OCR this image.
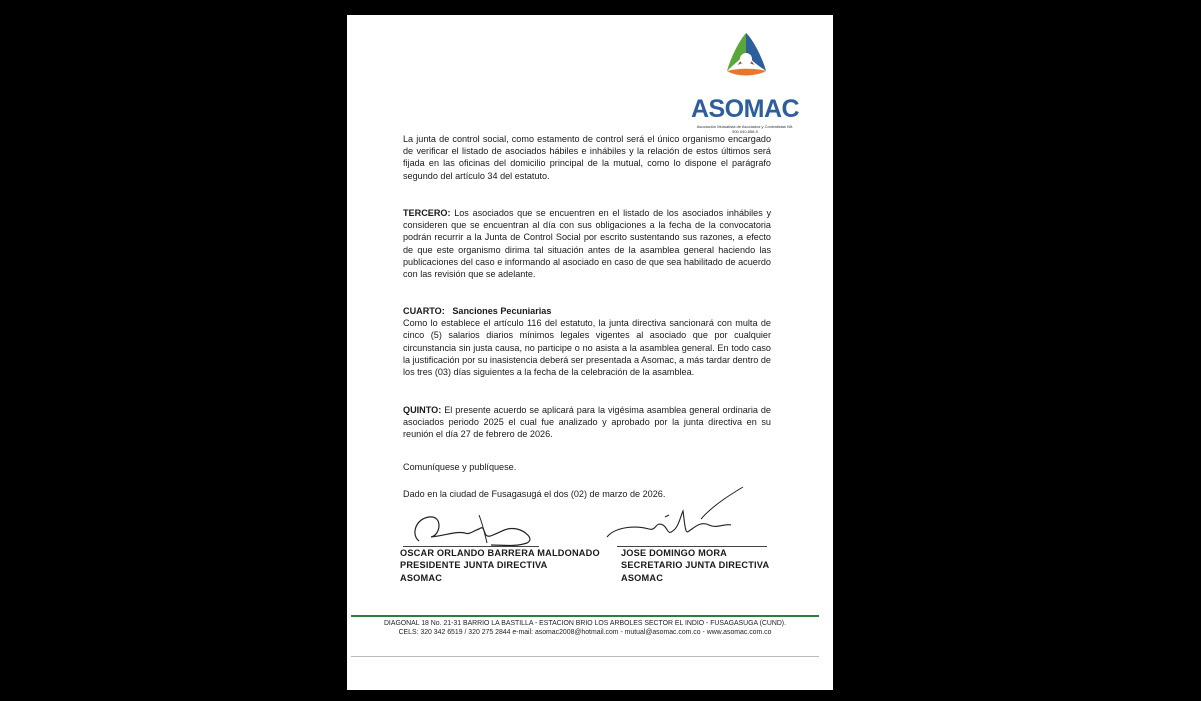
ASOMAC
Asociación Mutualista de Asociados y Contratistas NIt. 900.040.858-9
La junta de control social, como estamento de control será el único organismo encargado de verificar el listado de asociados hábiles e inhábiles y la relación de estos últimos será fijada en las oficinas del domicilio principal de la mutual, como lo dispone el parágrafo segundo del artículo 34 del estatuto.
TERCERO: Los asociados que se encuentren en el listado de los asociados inhábiles y consideren que se encuentran al día con sus obligaciones a la fecha de la convocatoria podrán recurrir a la Junta de Control Social por escrito sustentando sus razones, a efecto de que este organismo dirima tal situación antes de la asamblea general haciendo las publicaciones del caso e informando al asociado en caso de que sea habilitado de acuerdo con las revisión que se adelante.
CUARTO:   Sanciones Pecuniarias
Como lo establece el artículo 116 del estatuto, la junta directiva sancionará con multa de cinco (5) salarios diarios mínimos legales vigentes al asociado que por cualquier circunstancia sin justa causa, no participe o no asista a la asamblea general. En todo caso la justificación por su inasistencia deberá ser presentada a Asomac, a más tardar dentro de los tres (03) días siguientes a la fecha de la celebración de la asamblea.
QUINTO: El presente acuerdo se aplicará para la vigésima asamblea general ordinaria de asociados periodo 2025 el cual fue analizado y aprobado por la junta directiva en su reunión el día 27 de febrero de 2026.
Comuníquese y publíquese.
Dado en la ciudad de Fusagasugá el dos (02) de marzo de 2026.
OSCAR ORLANDO BARRERA MALDONADO
PRESIDENTE JUNTA DIRECTIVA
ASOMAC
JOSE DOMINGO MORA
SECRETARIO JUNTA DIRECTIVA
ASOMAC
DIAGONAL 18 No. 21-31 BARRIO LA BASTILLA - ESTACION BRIO LOS ARBOLES SECTOR EL INDIO - FUSAGASUGA (CUND).
CELS: 320 342 6519 / 320 275 2844 e-mail: asomac2008@hotmail.com - mutual@asomac.com.co - www.asomac.com.co
